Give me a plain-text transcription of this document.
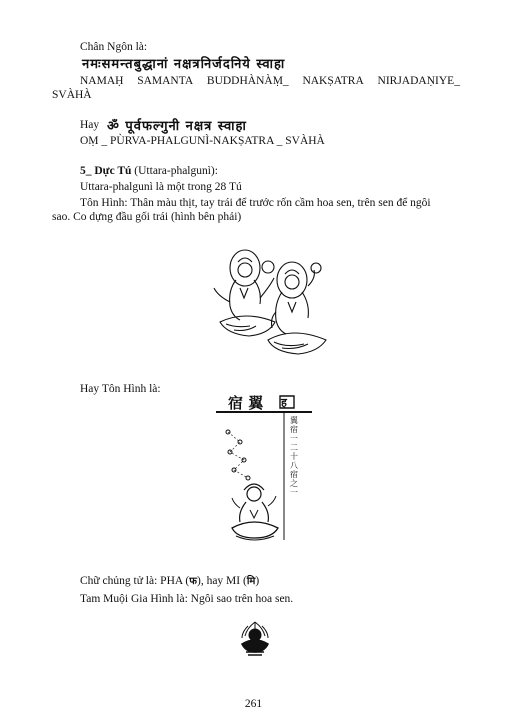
Chân Ngôn là:
नमःसमन्तबुद्धानां नक्षत्रनिर्जदनिये स्वाहा
NAMAḤ SAMANTA BUDDHÀNÀṂ_ NAKṢATRA NIRJADAṆIYE_
SVÀHÀ
Hay ॐ पूर्वफल्गुनी नक्षत्र स्वाहा
OṂ _ PÙRVA-PHALGUNÌ-NAKṢATRA _ SVÀHÀ
5_ Dực Tú (Uttara-phalgunì):
Uttara-phalgunì là một trong 28 Tú
Tôn Hình: Thân màu thịt, tay trái để trước rốn cầm hoa sen, trên sen để ngôi
sao. Co dựng đầu gối trái (hình bên phải)
Hay Tôn Hình là:
宿 翼 ह
翼宿一二十八宿之一
Chữ chủng tử là: PHA (फ), hay MI (मि)
Tam Muội Gia Hình là: Ngôi sao trên hoa sen.
261
